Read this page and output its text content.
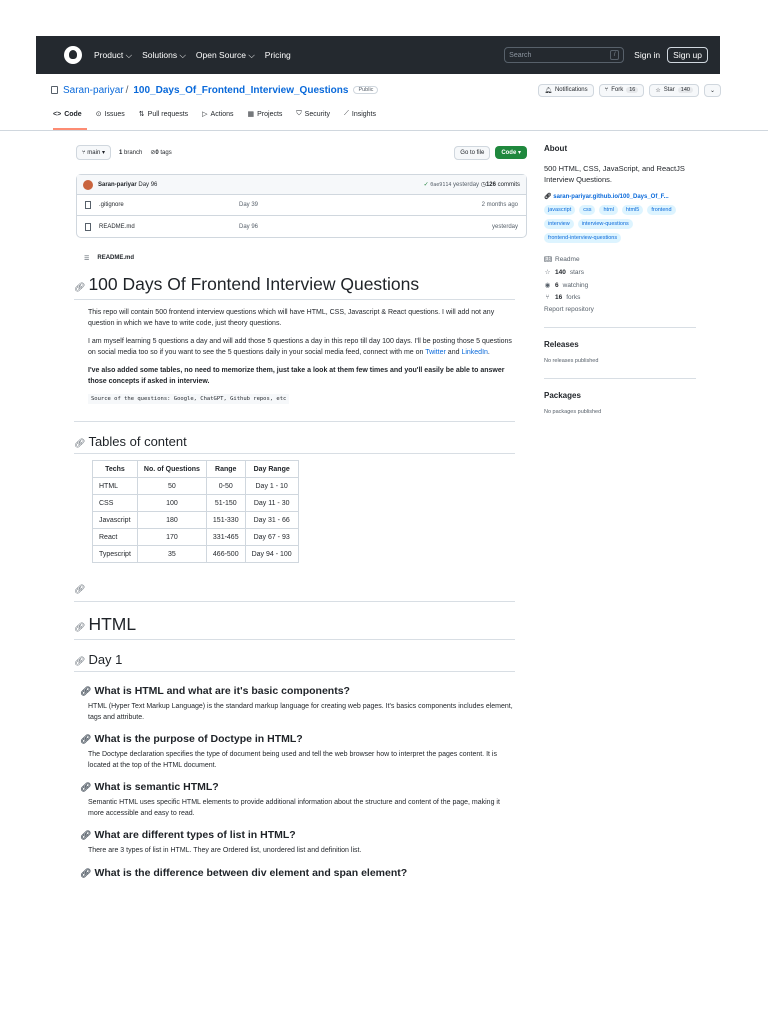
Product ⌵ Solutions ⌵ Open Source ⌵ Pricing	Search	/	Sign in	Sign up
Saran-pariyar / 100_Days_Of_Frontend_Interview_Questions	Public	🔔︎ Notifications	⑂ Fork	16	☆ Star	140	⌄
<> Code ⊙ Issues ⇅ Pull requests ▷ Actions ▦ Projects ⛉ Security ⟋ Insights
⑂ main ▾	1 branch ⊘0 tags	Go to file	Code ▾
Saran-pariyar
Day 96	✓ 0ae9114 yesterday ◷126 commits
.gitignore	Day 39	2 months ago
README.md	Day 96	yesterday
☰ README.md
🔗︎ 100 Days Of Frontend Interview Questions

This repo will contain 500 frontend interview questions which will have HTML, CSS, Javascript & React questions. I will add not any question in which we have to write code, just theory questions.

I am myself learning 5 questions a day and will add those 5 questions a day in this repo till day 100 days. I'll be posting those 5 questions on social media too so if you want to see the 5 questions daily in your social media feed, connect with me on Twitter and LinkedIn.

I've also added some tables, no need to memorize them, just take a look at them few times and you'll easily be able to answer those concepts if asked in interview.

Source of the questions: Google, ChatGPT, Github repos, etc
🔗︎ Tables of content
Techs	No. of Questions	Range	Day Range
HTML	50	0-50	Day 1 - 10
CSS	100	51-150	Day 11 - 30
Javascript	180	151-330	Day 31 - 66
React	170	331-465	Day 67 - 93
Typescript	35	466-500	Day 94 - 100
🔗︎
🔗︎ HTML
🔗︎ Day 1
🔗︎ What is HTML and what are it's basic components?

HTML (Hyper Text Markup Language) is the standard markup language for creating web pages. It's basics components includes element, tags and attribute.

🔗︎ What is the purpose of Doctype in HTML?

The Doctype declaration specifies the type of document being used and tell the web browser how to interpret the pages content. It is located at the top of the HTML document.

🔗︎ What is semantic HTML?

Semantic HTML uses specific HTML elements to provide additional information about the structure and content of the page, making it more accessible and easy to read.

🔗︎ What are different types of list in HTML?

There are 3 types of list in HTML. They are Ordered list, unordered list and definition list.

🔗︎ What is the difference between div element and span element?
About
500 HTML, CSS, JavaScript, and ReactJS Interview Questions.
🔗︎ saran-pariyar.github.io/100_Days_Of_F...
javascript	css	html	html5	frontend
interview	interview-questions
frontend-interview-questions
📖︎ Readme
☆ 140 stars
◉ 6 watching
⑂ 16 forks
Report repository
Releases
No releases published
Packages
No packages published
